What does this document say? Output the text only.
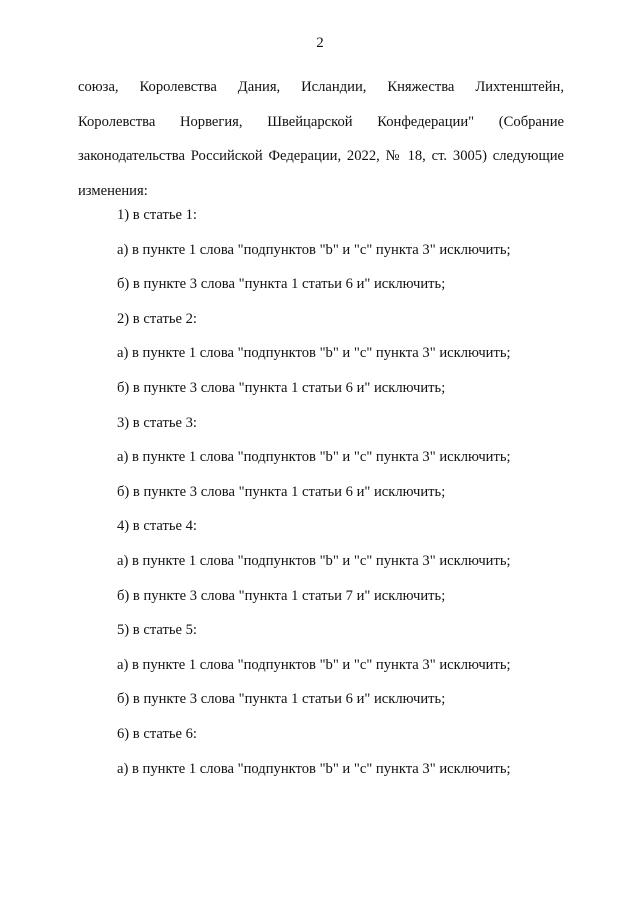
2
союза, Королевства Дания, Исландии, Княжества Лихтенштейн,
Королевства Норвегия, Швейцарской Конфедерации" (Собрание
законодательства Российской Федерации, 2022, № 18, ст. 3005) следующие
изменения:
1) в статье 1:
а) в пункте 1 слова "подпунктов "b" и "c" пункта 3" исключить;
б) в пункте 3 слова "пункта 1 статьи 6 и" исключить;
2) в статье 2:
а) в пункте 1 слова "подпунктов "b" и "c" пункта 3" исключить;
б) в пункте 3 слова "пункта 1 статьи 6 и" исключить;
3) в статье 3:
а) в пункте 1 слова "подпунктов "b" и "c" пункта 3" исключить;
б) в пункте 3 слова "пункта 1 статьи 6 и" исключить;
4) в статье 4:
а) в пункте 1 слова "подпунктов "b" и "c" пункта 3" исключить;
б) в пункте 3 слова "пункта 1 статьи 7 и" исключить;
5) в статье 5:
а) в пункте 1 слова "подпунктов "b" и "c" пункта 3" исключить;
б) в пункте 3 слова "пункта 1 статьи 6 и" исключить;
6) в статье 6:
а) в пункте 1 слова "подпунктов "b" и "c" пункта 3" исключить;
